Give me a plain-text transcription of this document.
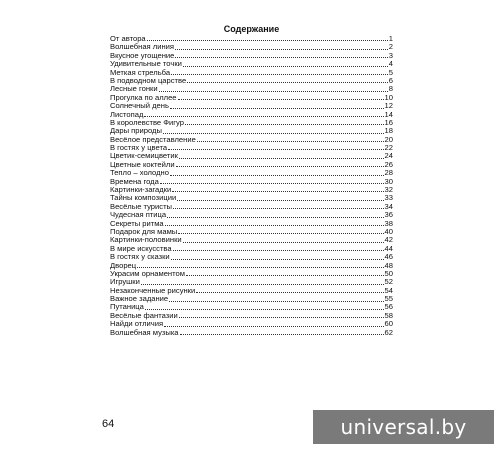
Содержание
От автора	1
Волшебная линия	2
Вкусное угощение	3
Удивительные точки	4
Меткая стрельба	5
В подводном царстве	6
Лесные гонки	8
Прогулка по аллее	10
Солнечный день	12
Листопад	14
В королевстве Фигур	16
Дары природы	18
Весёлое представление	20
В гостях у цвета	22
Цветик-семицветик	24
Цветные коктейли	26
Тепло – холодно	28
Времена года	30
Картинки-загадки	32
Тайны композиции	33
Весёлые туристы	34
Чудесная птица	36
Секреты ритма	38
Подарок для мамы	40
Картинки-половинки	42
В мире искусства	44
В гостях у сказки	46
Дворец	48
Украсим орнаментом	50
Игрушки	52
Незаконченные рисунки	54
Важное задание	55
Путаница	56
Весёлые фантазии	58
Найди отличия	60
Волшебная музыка	62
64	universal.by
